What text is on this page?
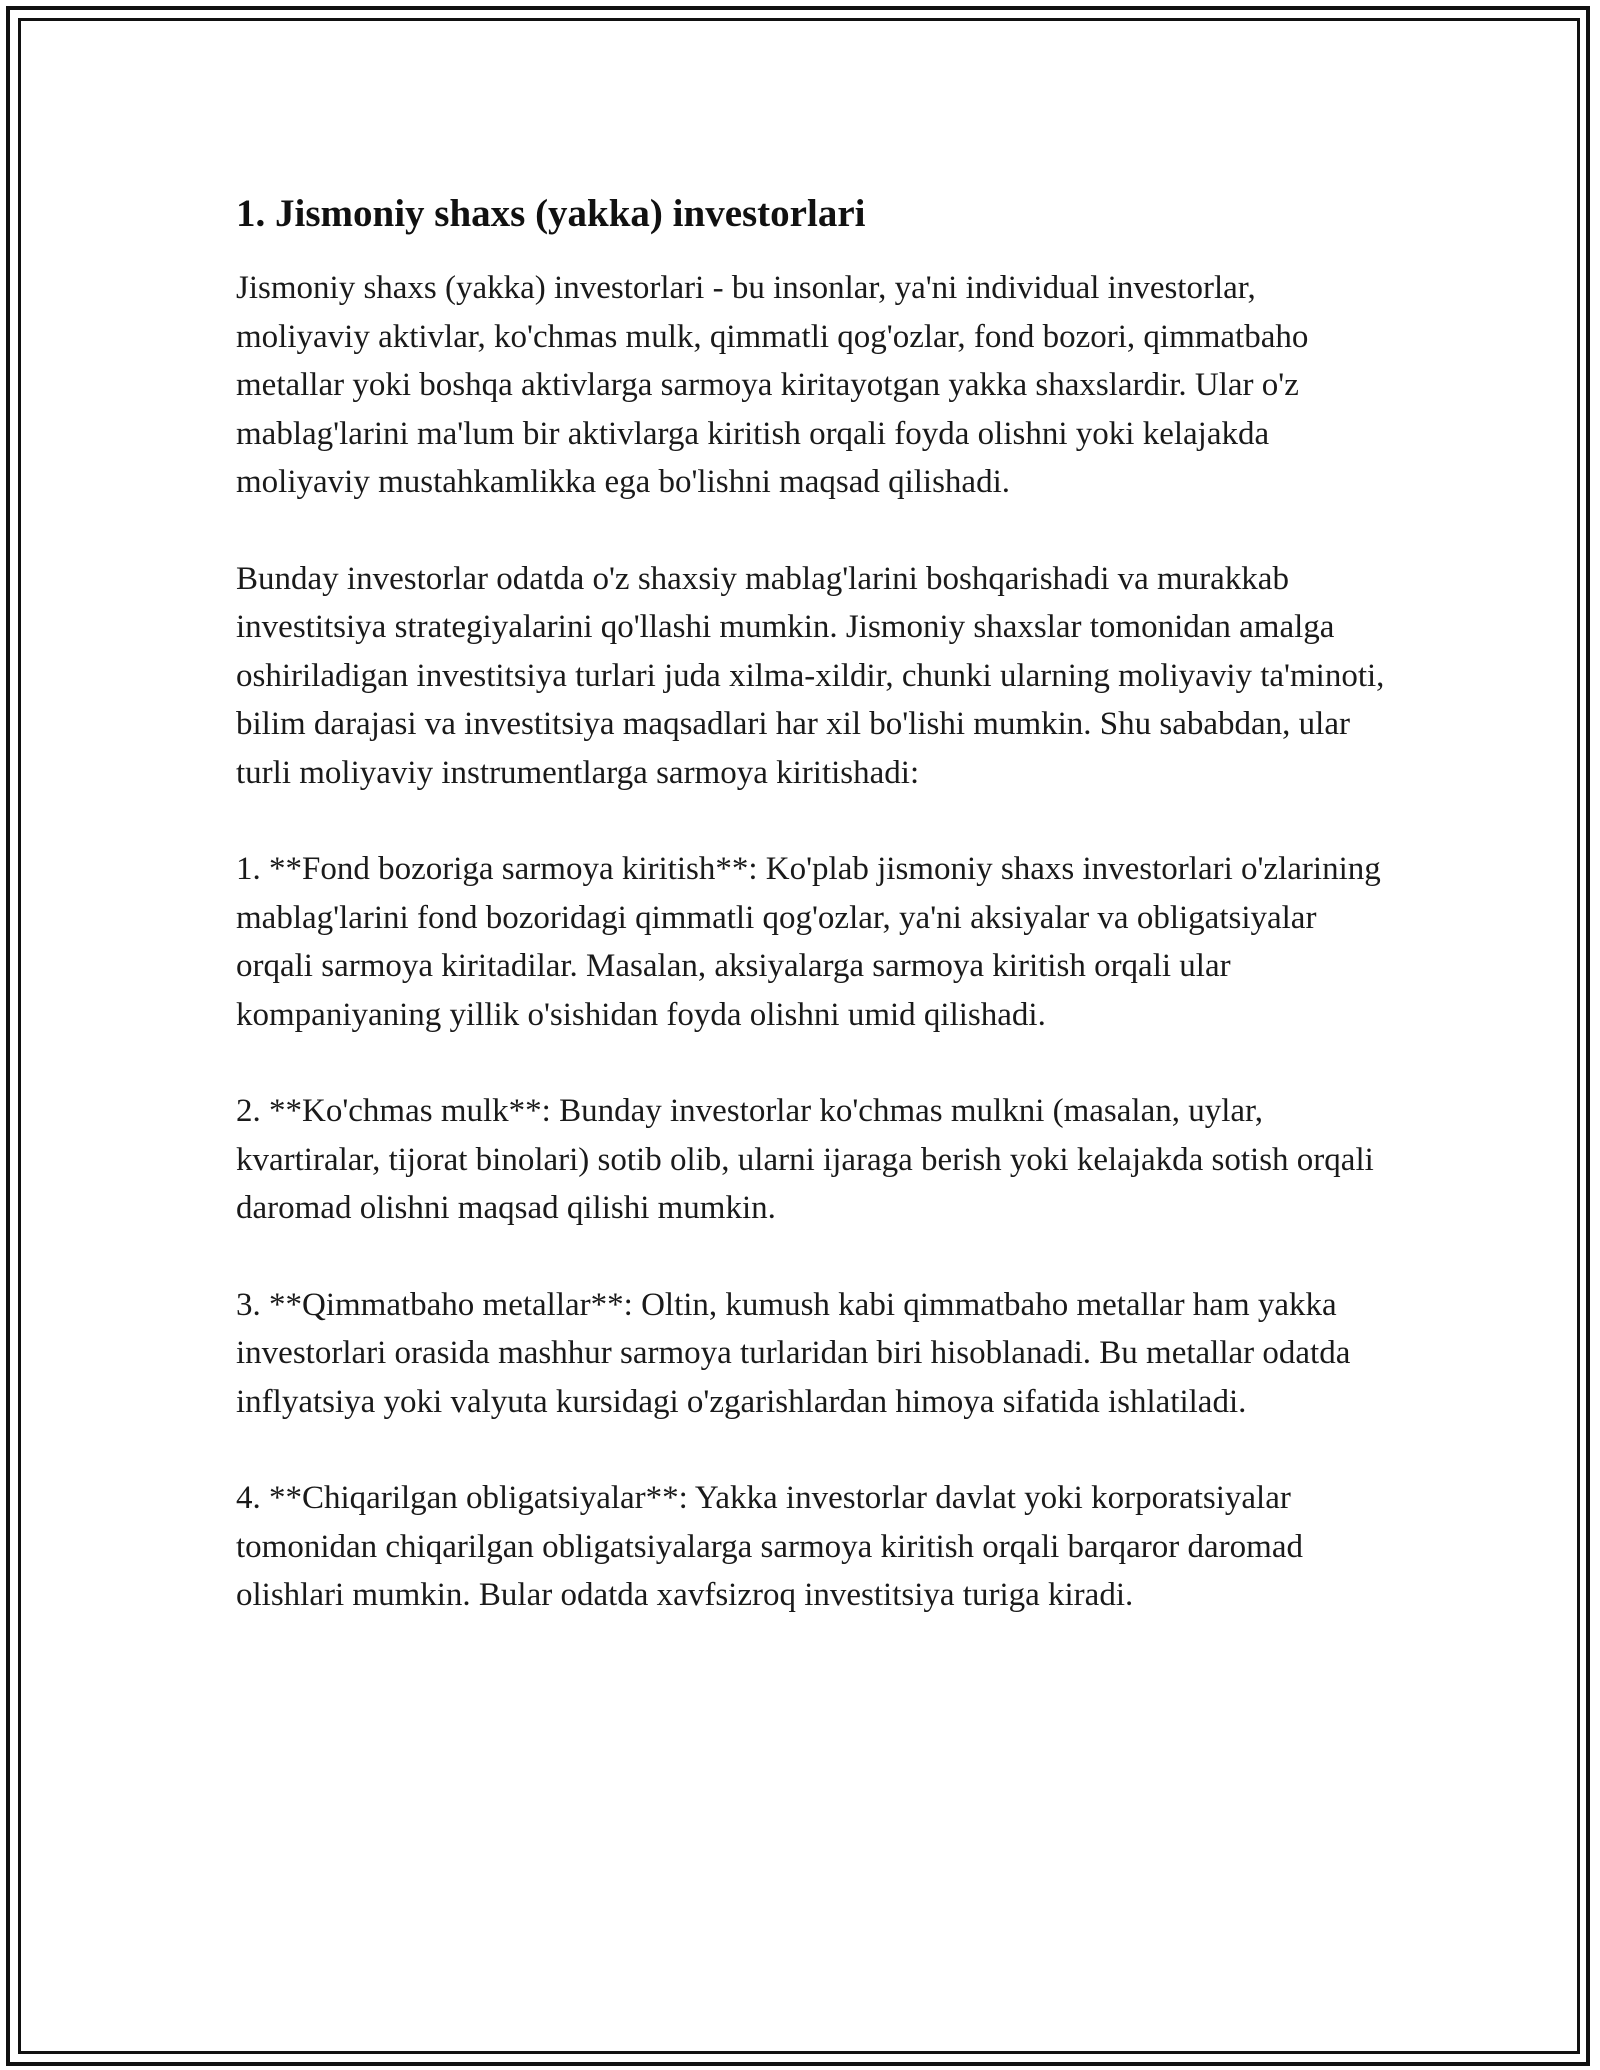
1. Jismoniy shaxs (yakka) investorlari

Jismoniy shaxs (yakka) investorlari - bu insonlar, ya'ni individual investorlar, moliyaviy aktivlar, ko'chmas mulk, qimmatli qog'ozlar, fond bozori, qimmatbaho metallar yoki boshqa aktivlarga sarmoya kiritayotgan yakka shaxslardir. Ular o'z mablag'larini ma'lum bir aktivlarga kiritish orqali foyda olishni yoki kelajakda moliyaviy mustahkamlikka ega bo'lishni maqsad qilishadi.

Bunday investorlar odatda o'z shaxsiy mablag'larini boshqarishadi va murakkab investitsiya strategiyalarini qo'llashi mumkin. Jismoniy shaxslar tomonidan amalga oshiriladigan investitsiya turlari juda xilma-xildir, chunki ularning moliyaviy ta'minoti, bilim darajasi va investitsiya maqsadlari har xil bo'lishi mumkin. Shu sababdan, ular turli moliyaviy instrumentlarga sarmoya kiritishadi:

1. **Fond bozoriga sarmoya kiritish**: Ko'plab jismoniy shaxs investorlari o'zlarining mablag'larini fond bozoridagi qimmatli qog'ozlar, ya'ni aksiyalar va obligatsiyalar orqali sarmoya kiritadilar. Masalan, aksiyalarga sarmoya kiritish orqali ular kompaniyaning yillik o'sishidan foyda olishni umid qilishadi.

2. **Ko'chmas mulk**: Bunday investorlar ko'chmas mulkni (masalan, uylar, kvartiralar, tijorat binolari) sotib olib, ularni ijaraga berish yoki kelajakda sotish orqali daromad olishni maqsad qilishi mumkin.

3. **Qimmatbaho metallar**: Oltin, kumush kabi qimmatbaho metallar ham yakka investorlari orasida mashhur sarmoya turlaridan biri hisoblanadi. Bu metallar odatda inflyatsiya yoki valyuta kursidagi o'zgarishlardan himoya sifatida ishlatiladi.

4. **Chiqarilgan obligatsiyalar**: Yakka investorlar davlat yoki korporatsiyalar tomonidan chiqarilgan obligatsiyalarga sarmoya kiritish orqali barqaror daromad olishlari mumkin. Bular odatda xavfsizroq investitsiya turiga kiradi.
